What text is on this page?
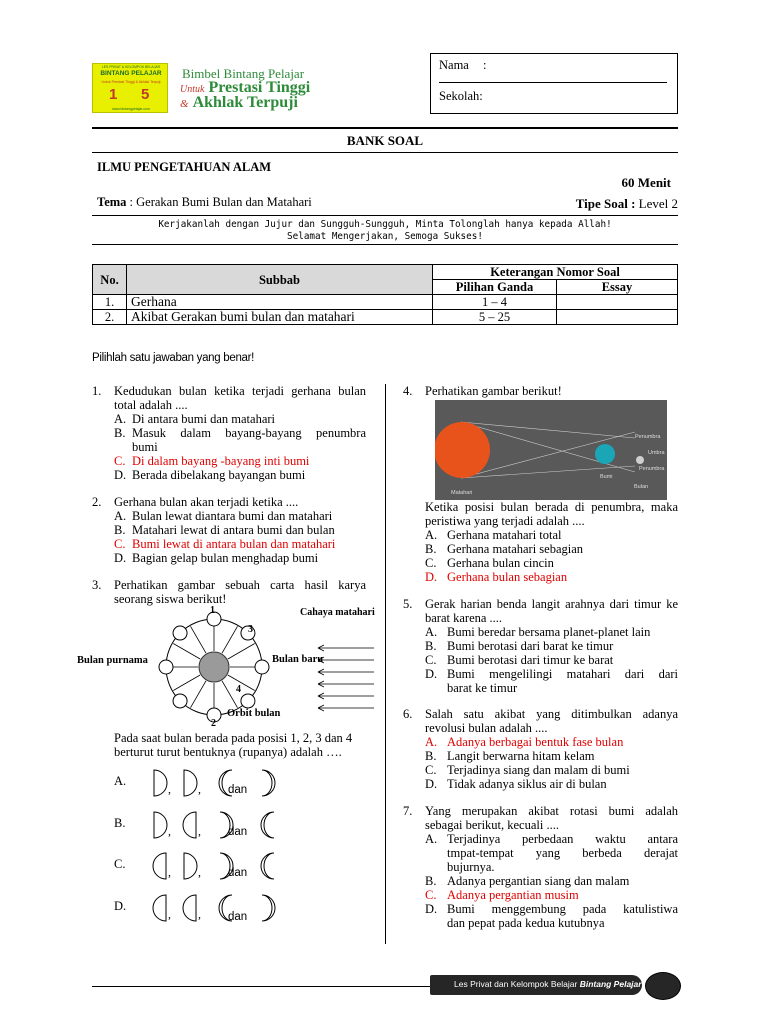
LES PRIVAT & KELOMPOK BELAJAR
BINTANG PELAJAR
Untuk Prestasi Tinggi & Akhlak Terpuji
1 5
www.bintangpelajar.com
Bimbel Bintang Pelajar
Untuk Prestasi Tinggi
& Akhlak Terpuji
Nama :
Sekolah:
BANK SOAL
ILMU PENGETAHUAN ALAM
60 Menit
Tema : Gerakan Bumi Bulan dan Matahari	Tipe Soal : Level 2
Kerjakanlah dengan Jujur dan Sungguh-Sungguh, Minta Tolonglah hanya kepada Allah!
Selamat Mengerjakan, Semoga Sukses!
No.	Subbab	Keterangan Nomor Soal	
		Pilihan Ganda	Essay
1.	Gerhana	1 – 4	
2.	Akibat Gerakan bumi bulan dan matahari	5 – 25	
Pilihlah satu jawaban yang benar!
1. Kedudukan bulan ketika terjadi gerhana bulan total adalah ....
A. Di antara bumi dan matahari
B. Masuk dalam bayang-bayang penumbra
bumi
C. Di dalam bayang -bayang inti bumi
D. Berada dibelakang bayangan bumi
2. Gerhana bulan akan terjadi ketika ....
A. Bulan lewat diantara bumi dan matahari
B. Matahari lewat di antara bumi dan bulan
C. Bumi lewat di antara bulan dan matahari
D. Bagian gelap bulan menghadap bumi
3. Perhatikan gambar sebuah carta hasil karya seorang siswa berikut!
Cahaya matahari
Bulan purnama	Bulan baru
Orbit bulan
1
2
3
4
Pada saat bulan berada pada posisi 1, 2, 3 dan 4 berturut turut bentuknya (rupanya) adalah ….
A.
, , dan
B.
, , dan
C.
, , dan
D.
, , dan
4. Perhatikan gambar berikut!
Penumbra
Umbra
Penumbra
Matahari
Bumi
Bulan
Ketika posisi bulan berada di penumbra, maka peristiwa yang terjadi adalah ....
A. Gerhana matahari total
B. Gerhana matahari sebagian
C. Gerhana bulan cincin
D. Gerhana bulan sebagian
5. Gerak harian benda langit arahnya dari timur ke barat karena ....
A. Bumi beredar bersama planet-planet lain
B. Bumi berotasi dari barat ke timur
C. Bumi berotasi dari timur ke barat
D. Bumi mengelilingi matahari dari dari
barat ke timur
6. Salah satu akibat yang ditimbulkan adanya revolusi bulan adalah ....
A. Adanya berbagai bentuk fase bulan
B. Langit berwarna hitam kelam
C. Terjadinya siang dan malam di bumi
D. Tidak adanya siklus air di bulan
7. Yang merupakan akibat rotasi bumi adalah sebagai berikut, kecuali ....
A. Terjadinya perbedaan waktu antara
tmpat-tempat yang berbeda derajat
bujurnya.
B. Adanya pergantian siang dan malam
C. Adanya pergantian musim
D. Bumi menggembung pada katulistiwa
dan pepat pada kedua kutubnya
Les Privat dan Kelompok Belajar Bintang Pelajar
